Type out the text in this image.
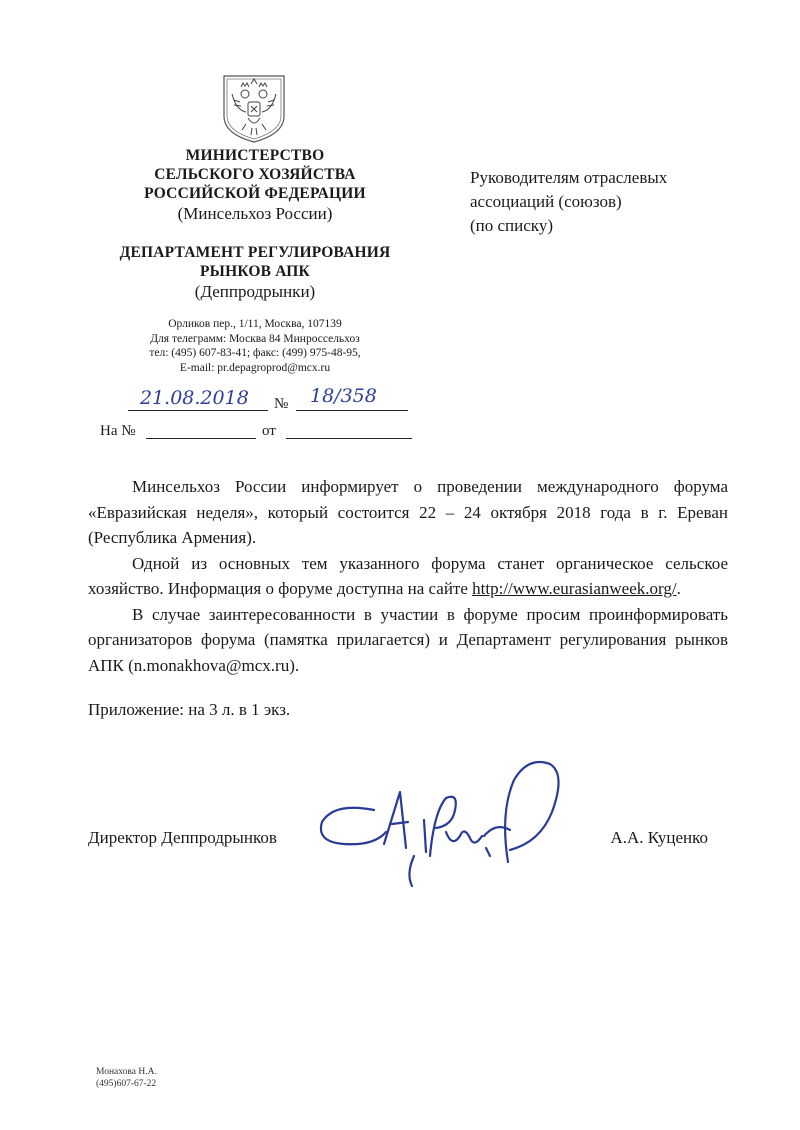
МИНИСТЕРСТВО
СЕЛЬСКОГО ХОЗЯЙСТВА
РОССИЙСКОЙ ФЕДЕРАЦИИ
(Минсельхоз России)
ДЕПАРТАМЕНТ РЕГУЛИРОВАНИЯ
РЫНКОВ АПК
(Деппродрынки)
Орликов пер., 1/11, Москва, 107139
Для телеграмм: Москва 84 Минроссельхоз
тел: (495) 607-83-41; факс: (499) 975-48-95,
E-mail: pr.depagroprod@mcx.ru
21.08.2018 № 18/358
На №	от
Руководителям отраслевых
ассоциаций (союзов)
(по списку)

Минсельхоз России информирует о проведении международного форума «Евразийская неделя», который состоится 22 – 24 октября 2018 года в г. Ереван (Республика Армения).

Одной из основных тем указанного форума станет органическое сельское хозяйство. Информация о форуме доступна на сайте http://www.eurasianweek.org/.

В случае заинтересованности в участии в форуме просим проинформировать организаторов форума (памятка прилагается) и Департамент регулирования рынков АПК (n.monakhova@mcx.ru).

Приложение: на 3 л. в 1 экз.
Директор Деппродрынков	А.А. Куценко
Монахова Н.А.
(495)607-67-22
